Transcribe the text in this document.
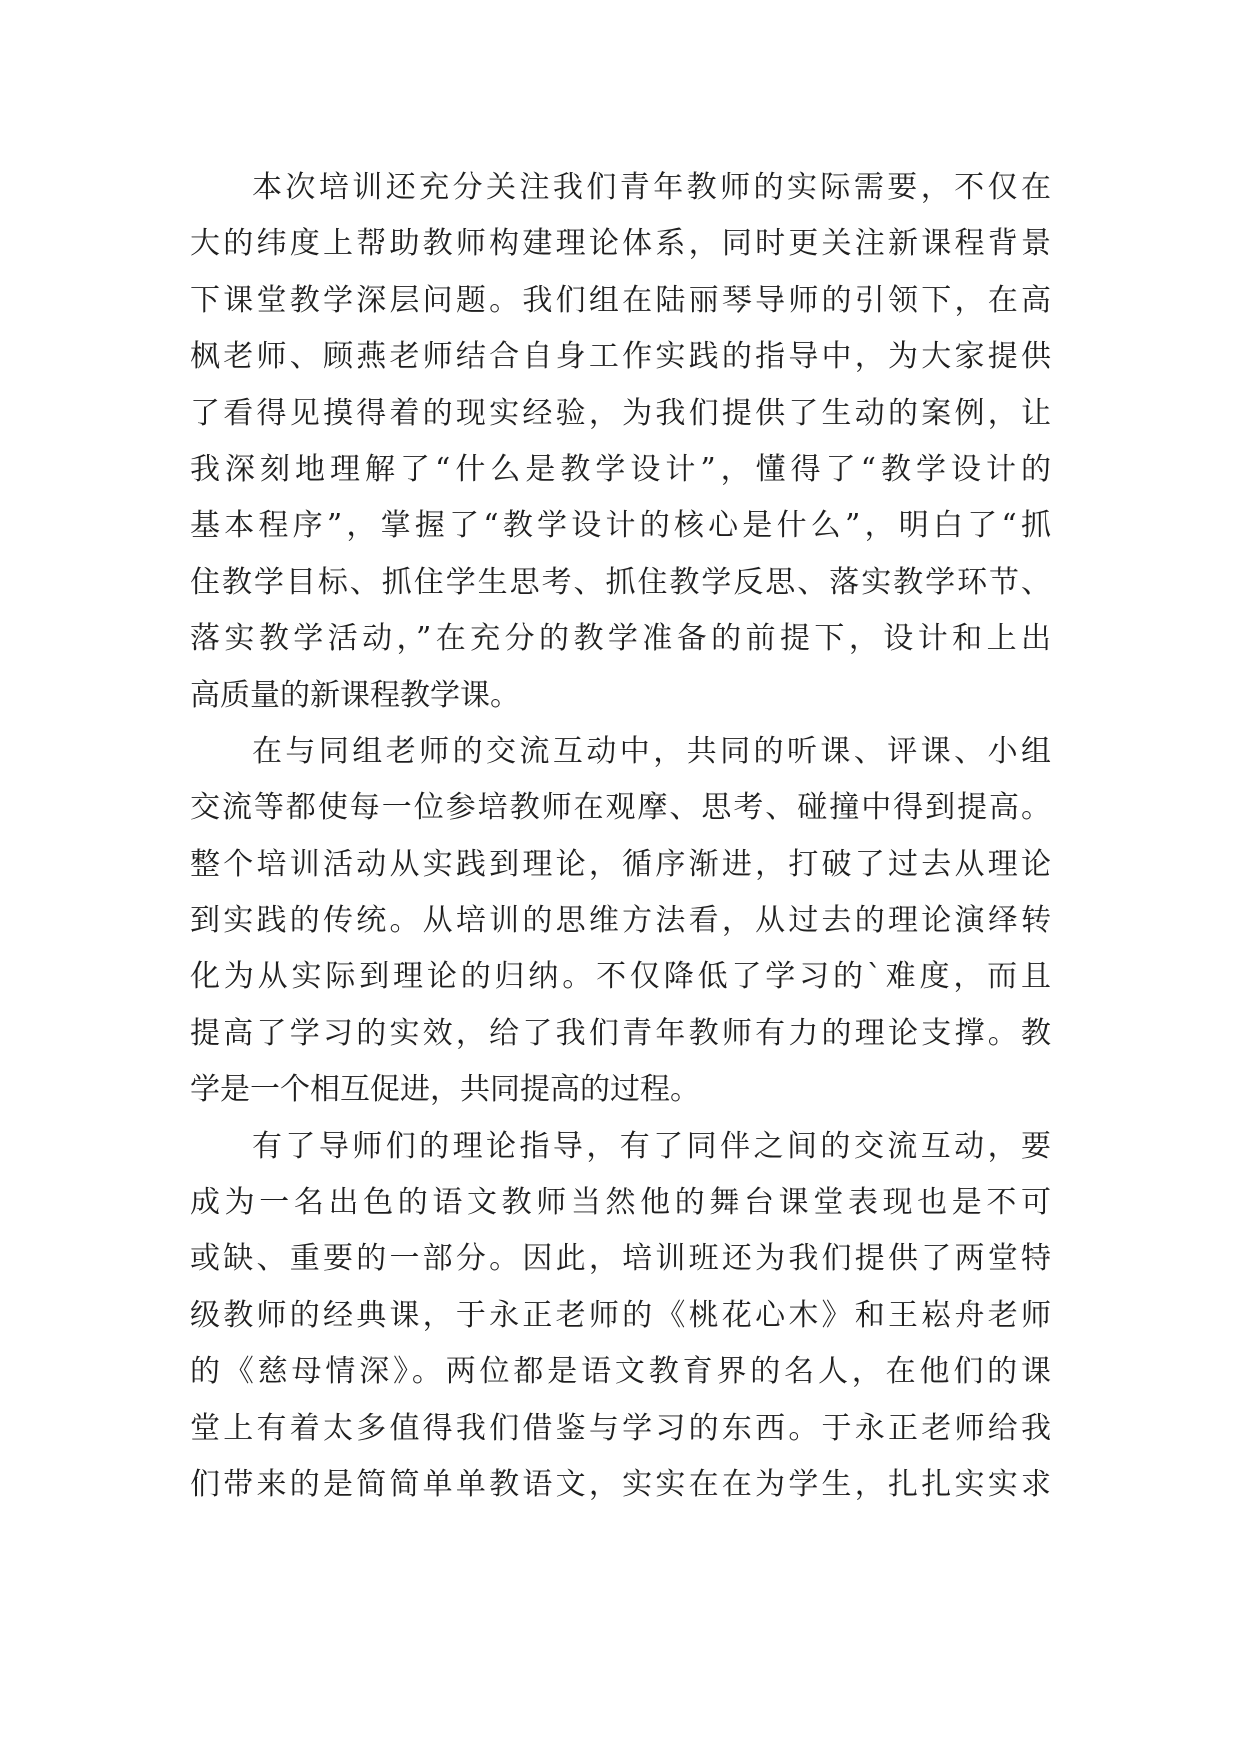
本次培训还充分关注我们青年教师的实际需要，不仅在
大的纬度上帮助教师构建理论体系，同时更关注新课程背景
下课堂教学深层问题。我们组在陆丽琴导师的引领下，在高
枫老师、顾燕老师结合自身工作实践的指导中，为大家提供
了看得见摸得着的现实经验，为我们提供了生动的案例，让
我深刻地理解了“什么是教学设计”，懂得了“教学设计的
基本程序”，掌握了“教学设计的核心是什么”，明白了“抓
住教学目标、抓住学生思考、抓住教学反思、落实教学环节、
落实教学活动，”在充分的教学准备的前提下，设计和上出
高质量的新课程教学课。
在与同组老师的交流互动中，共同的听课、评课、小组
交流等都使每一位参培教师在观摩、思考、碰撞中得到提高。
整个培训活动从实践到理论，循序渐进，打破了过去从理论
到实践的传统。从培训的思维方法看，从过去的理论演绎转
化为从实际到理论的归纳。不仅降低了学习的`难度，而且
提高了学习的实效，给了我们青年教师有力的理论支撑。教
学是一个相互促进，共同提高的过程。
有了导师们的理论指导，有了同伴之间的交流互动，要
成为一名出色的语文教师当然他的舞台课堂表现也是不可
或缺、重要的一部分。因此，培训班还为我们提供了两堂特
级教师的经典课，于永正老师的《桃花心木》和王崧舟老师
的《慈母情深》。两位都是语文教育界的名人，在他们的课
堂上有着太多值得我们借鉴与学习的东西。于永正老师给我
们带来的是简简单单教语文，实实在在为学生，扎扎实实求
